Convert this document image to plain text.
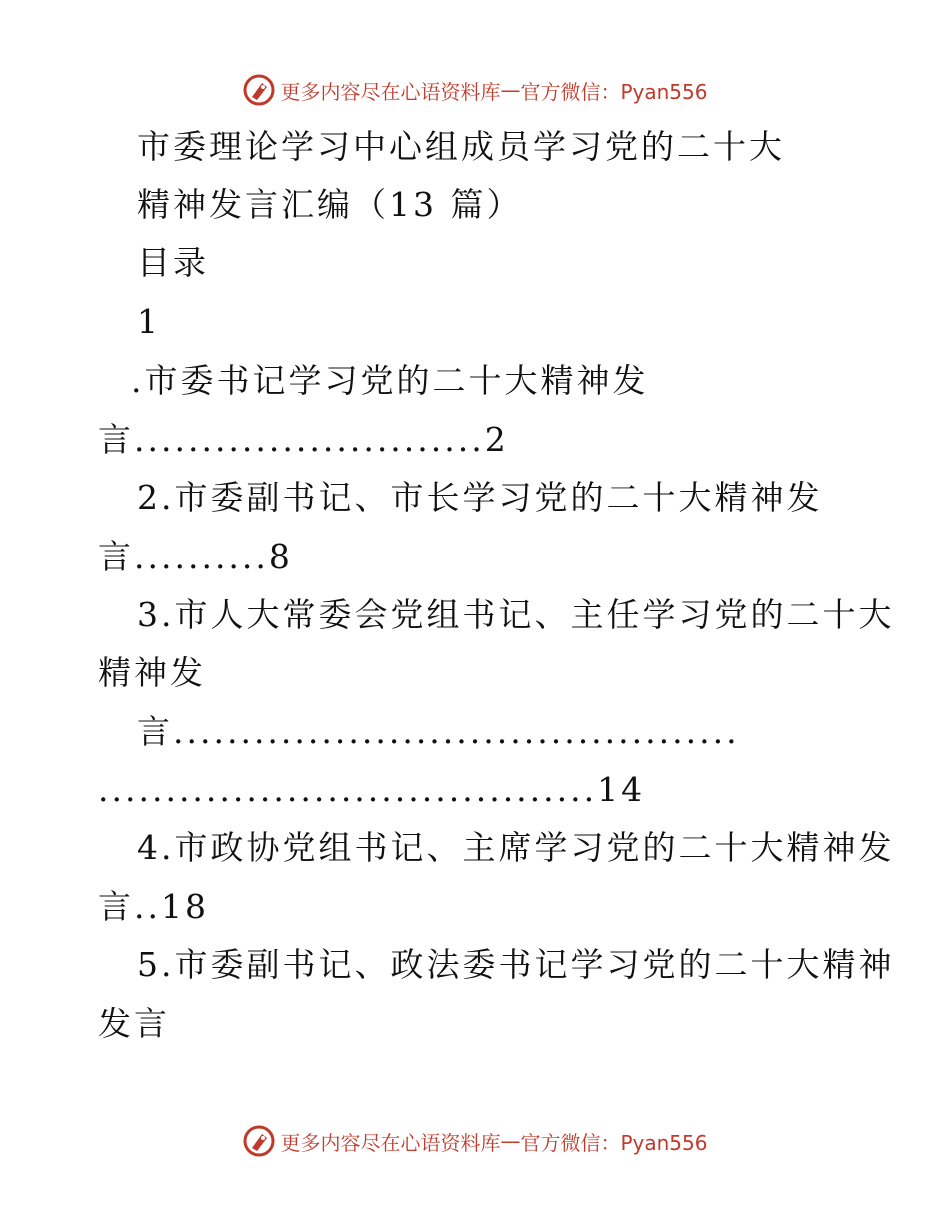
更多内容尽在心语资料库 — 官方微信：Pyan556
市委理论学习中心组成员学习党的二十大
精神发言汇编（13 篇）
目录
1
.市委书记学习党的二十大精神发
言..........................2
2.市委副书记、市长学习党的二十大精神发
言..........8
3.市人大常委会党组书记、主任学习党的二十大
精神发
言..........................................
.....................................14
4.市政协党组书记、主席学习党的二十大精神发
言..18
5.市委副书记、政法委书记学习党的二十大精神
发言
更多内容尽在心语资料库 — 官方微信：Pyan556
